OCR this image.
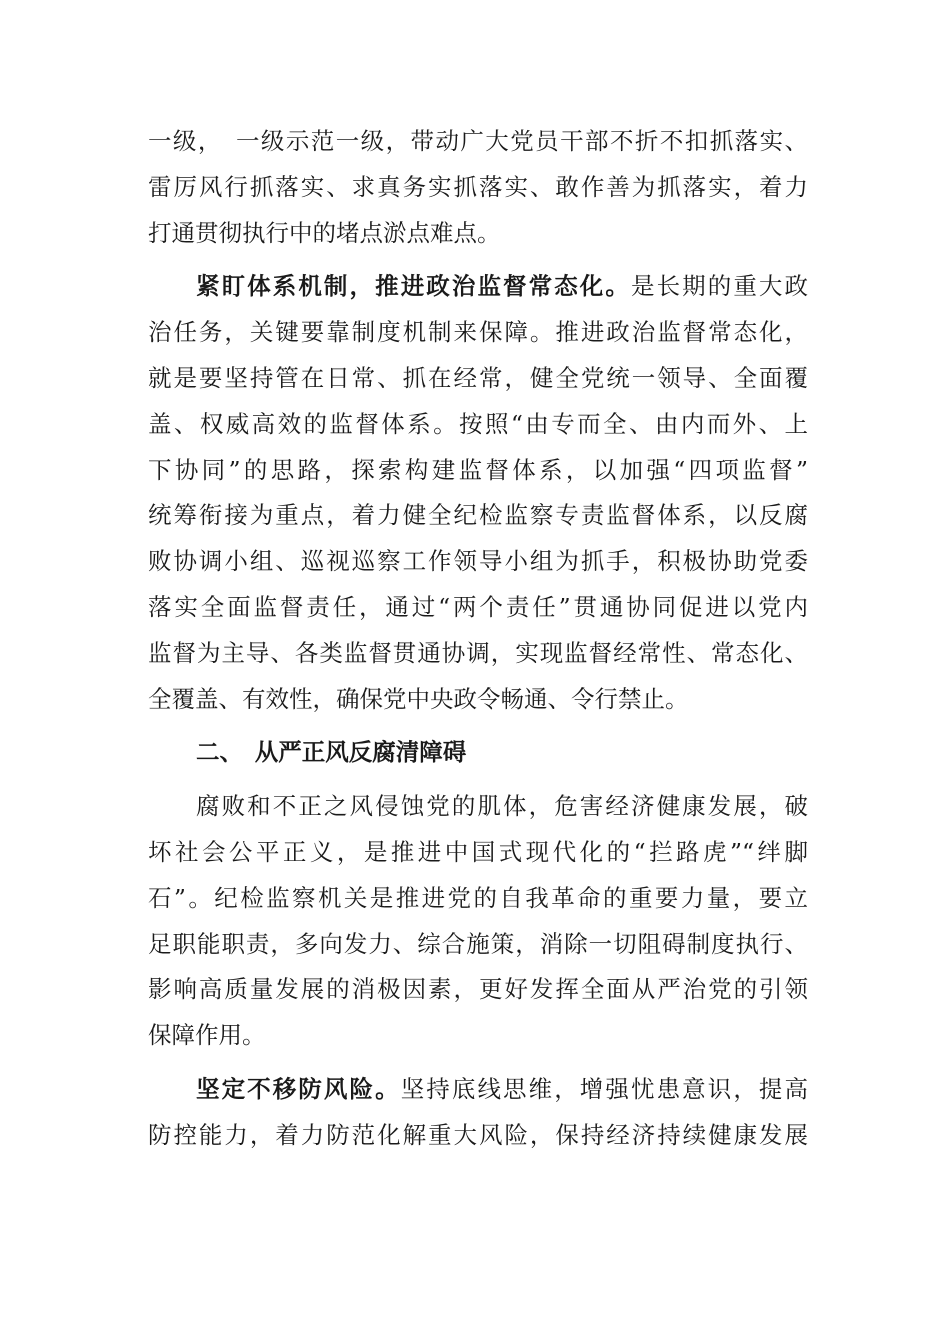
一级，　一级示范一级，带动广大党员干部不折不扣抓落实、
雷厉风行抓落实、求真务实抓落实、敢作善为抓落实，着力
打通贯彻执行中的堵点淤点难点。
紧盯体系机制，推进政治监督常态化。是长期的重大政
治任务，关键要靠制度机制来保障。推进政治监督常态化，
就是要坚持管在日常、抓在经常，健全党统一领导、全面覆
盖、权威高效的监督体系。按照“由专而全、由内而外、上
下协同”的思路，探索构建监督体系，以加强“四项监督”
统筹衔接为重点，着力健全纪检监察专责监督体系，以反腐
败协调小组、巡视巡察工作领导小组为抓手，积极协助党委
落实全面监督责任，通过“两个责任”贯通协同促进以党内
监督为主导、各类监督贯通协调，实现监督经常性、常态化、
全覆盖、有效性，确保党中央政令畅通、令行禁止。
二、　从严正风反腐清障碍
腐败和不正之风侵蚀党的肌体，危害经济健康发展，破
坏社会公平正义，是推进中国式现代化的“拦路虎”“绊脚
石”。纪检监察机关是推进党的自我革命的重要力量，要立
足职能职责，多向发力、综合施策，消除一切阻碍制度执行、
影响高质量发展的消极因素，更好发挥全面从严治党的引领
保障作用。
坚定不移防风险。坚持底线思维，增强忧患意识，提高
防控能力，着力防范化解重大风险，保持经济持续健康发展
